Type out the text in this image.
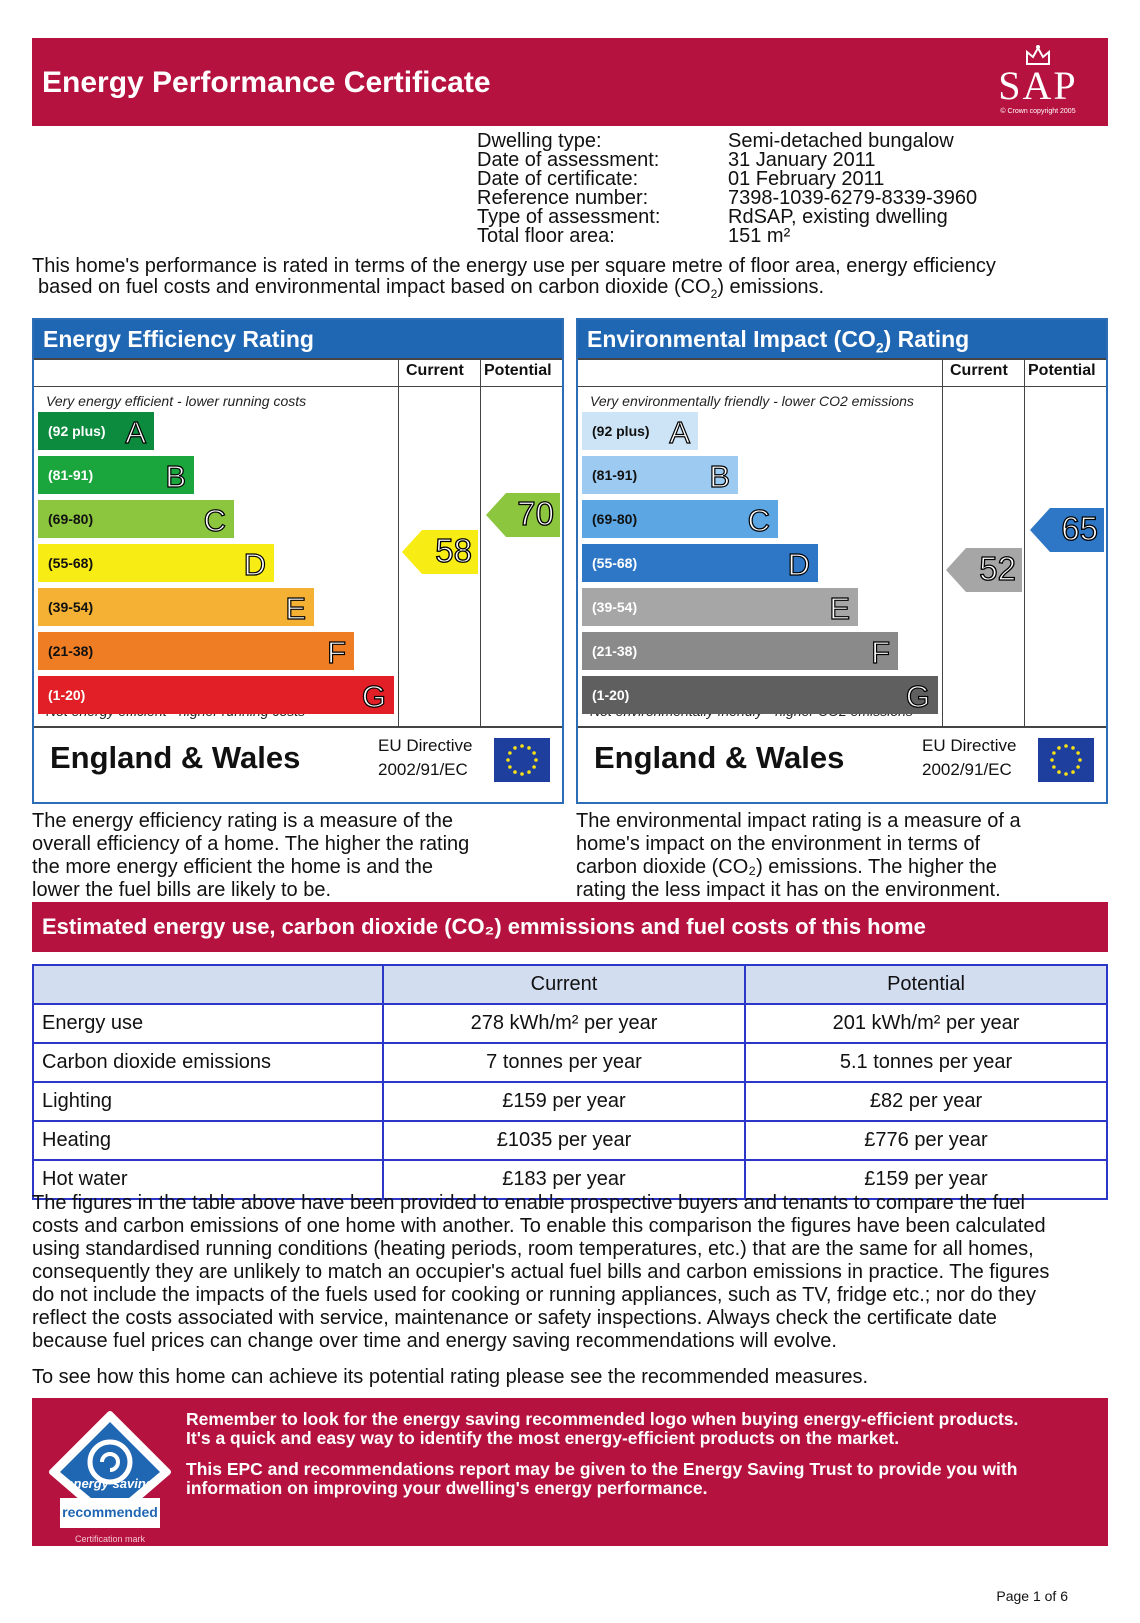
Energy Performance Certificate	SAP
© Crown copyright 2005
Dwelling type:	Semi-detached bungalow
Date of assessment:	31 January 2011
Date of certificate:	01 February 2011
Reference number:	7398-1039-6279-8339-3960
Type of assessment:	RdSAP, existing dwelling
Total floor area:	151 m²
This home's performance is rated in terms of the energy use per square metre of floor area, energy efficiency
based on fuel costs and environmental impact based on carbon dioxide $(CO_2)$ emissions.
Energy Efficiency Rating
Current Potential
Very energy efficient - lower running costs
(92 plus) A
(81-91) B
(69-80)	C
(55-68)	D
(39-54)	E
(21-38)	F
(1-20)	G
58
70
England & Wales	EU Directive
2002/91/EC
Environmental Impact $(CO_2)$ Rating
Current Potential
Very environmentally friendly - lower CO2 emissions
(92 plus) A
(81-91) B
(69-80)	C
(55-68)	D
(39-54)	E
(21-38)	F
(1-20)	G
52
65
England & Wales	EU Directive
2002/91/EC
The energy efficiency rating is a measure of the
overall efficiency of a home. The higher the rating
the more energy efficient the home is and the
lower the fuel bills are likely to be.
The environmental impact rating is a measure of a
home's impact on the environment in terms of
carbon dioxide (CO₂) emissions. The higher the
rating the less impact it has on the environment.
Estimated energy use, carbon dioxide (CO₂) emmissions and fuel costs of this home
	Current	Potential
Energy use	278 kWh/m² per year	201 kWh/m² per year
Carbon dioxide emissions	7 tonnes per year	5.1 tonnes per year
Lighting	£159 per year	£82 per year
Heating	£1035 per year	£776 per year
Hot water	£183 per year	£159 per year
The figures in the table above have been provided to enable prospective buyers and tenants to compare the fuel
costs and carbon emissions of one home with another. To enable this comparison the figures have been calculated
using standardised running conditions (heating periods, room temperatures, etc.) that are the same for all homes,
consequently they are unlikely to match an occupier's actual fuel bills and carbon emissions in practice. The figures
do not include the impacts of the fuels used for cooking or running appliances, such as TV, fridge etc.; nor do they
reflect the costs associated with service, maintenance or safety inspections. Always check the certificate date
because fuel prices can change over time and energy saving recommendations will evolve.
To see how this home can achieve its potential rating please see the recommended measures.
energy saving
recommended
Certification mark
Remember to look for the energy saving recommended logo when buying energy-efficient products.
It's a quick and easy way to identify the most energy-efficient products on the market.
This EPC and recommendations report may be given to the Energy Saving Trust to provide you with
information on improving your dwelling's energy performance.
Page 1 of 6
